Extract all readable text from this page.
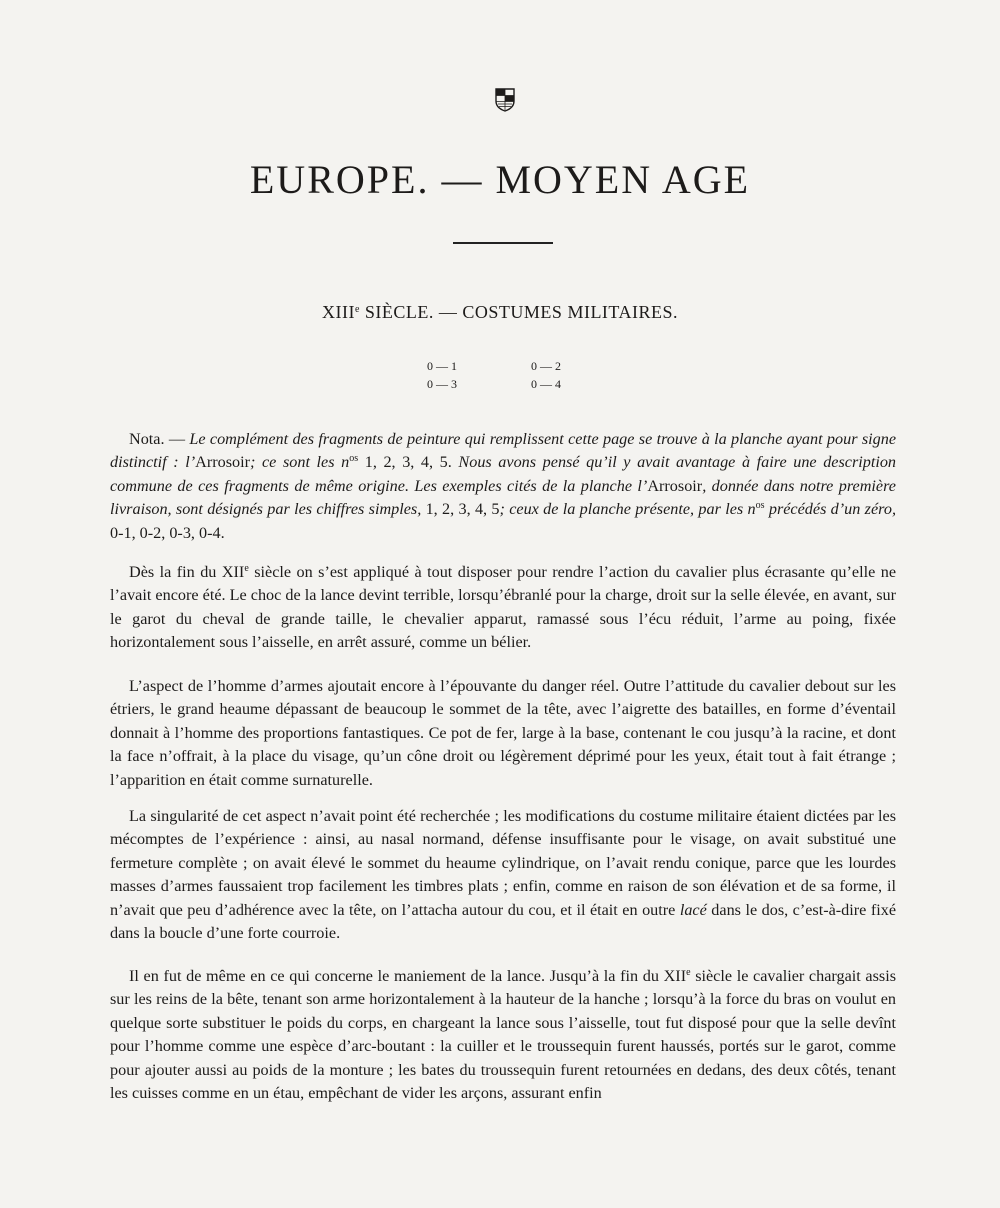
EUROPE. — MOYEN AGE
XIIIe SIÈCLE. — COSTUMES MILITAIRES.
0 — 1	0 — 2
0 — 3	0 — 4

Nota. — Le complément des fragments de peinture qui remplissent cette page se trouve à la planche ayant pour signe distinctif : l’Arrosoir; ce sont les $n^{os}$ 1, 2, 3, 4, 5. Nous avons pensé qu’il y avait avantage à faire une description commune de ces fragments de même origine. Les exemples cités de la planche l’Arrosoir, donnée dans notre première livraison, sont désignés par les chiffres simples, 1, 2, 3, 4, 5; ceux de la planche présente, par les $n^{os}$ précédés d’un zéro, 0-1, 0-2, 0-3, 0-4.

Dès la fin du XIIe siècle on s’est appliqué à tout disposer pour rendre l’action du cavalier plus écrasante qu’elle ne l’avait encore été. Le choc de la lance devint terrible, lorsqu’ébranlé pour la charge, droit sur la selle élevée, en avant, sur le garot du cheval de grande taille, le chevalier apparut, ramassé sous l’écu réduit, l’arme au poing, fixée horizontalement sous l’aisselle, en arrêt assuré, comme un bélier.

L’aspect de l’homme d’armes ajoutait encore à l’épouvante du danger réel. Outre l’attitude du cavalier debout sur les étriers, le grand heaume dépassant de beaucoup le sommet de la tête, avec l’aigrette des batailles, en forme d’éventail donnait à l’homme des proportions fantastiques. Ce pot de fer, large à la base, contenant le cou jusqu’à la racine, et dont la face n’offrait, à la place du visage, qu’un cône droit ou légèrement déprimé pour les yeux, était tout à fait étrange ; l’apparition en était comme surnaturelle.

La singularité de cet aspect n’avait point été recherchée ; les modifications du costume militaire étaient dictées par les mécomptes de l’expérience : ainsi, au nasal normand, défense insuffisante pour le visage, on avait substitué une fermeture complète ; on avait élevé le sommet du heaume cylindrique, on l’avait rendu conique, parce que les lourdes masses d’armes faussaient trop facilement les timbres plats ; enfin, comme en raison de son élévation et de sa forme, il n’avait que peu d’adhérence avec la tête, on l’attacha autour du cou, et il était en outre lacé dans le dos, c’est-à-dire fixé dans la boucle d’une forte courroie.

Il en fut de même en ce qui concerne le maniement de la lance. Jusqu’à la fin du XIIe siècle le cavalier chargait assis sur les reins de la bête, tenant son arme horizontalement à la hauteur de la hanche ; lorsqu’à la force du bras on voulut en quelque sorte substituer le poids du corps, en chargeant la lance sous l’aisselle, tout fut disposé pour que la selle devînt pour l’homme comme une espèce d’arc-boutant : la cuiller et le troussequin furent haussés, portés sur le garot, comme pour ajouter aussi au poids de la monture ; les bates du troussequin furent retournées en dedans, des deux côtés, tenant les cuisses comme en un étau, empêchant de vider les arçons, assurant enfin
